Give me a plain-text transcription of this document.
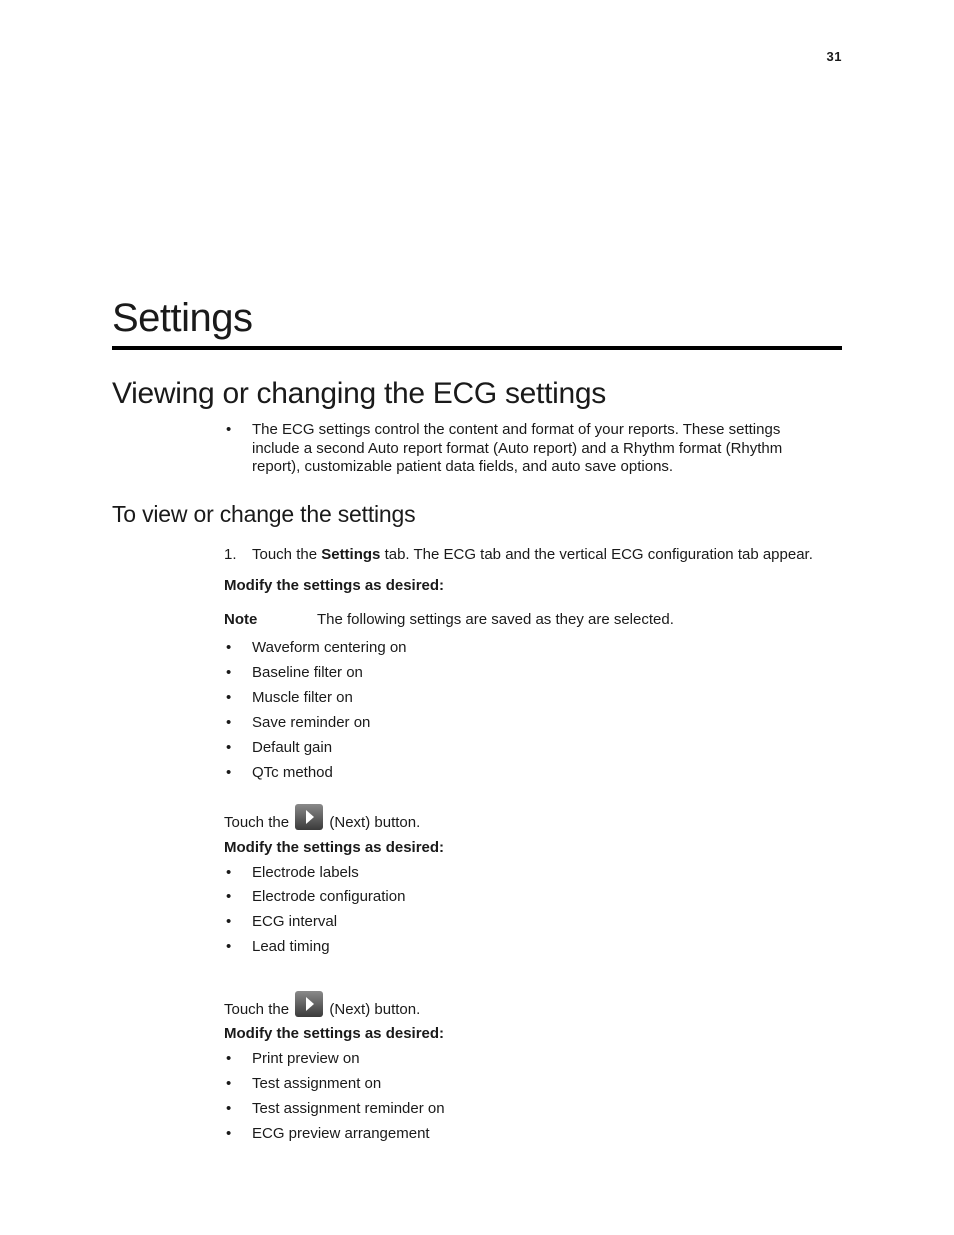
31
Settings
Viewing or changing the ECG settings
• The ECG settings control the content and format of your reports. These settings include a second Auto report format (Auto report) and a Rhythm format (Rhythm report), customizable patient data fields, and auto save options.
To view or change the settings
1. Touch the Settings tab. The ECG tab and the vertical ECG configuration tab appear.
Modify the settings as desired:
Note	The following settings are saved as they are selected.
• Waveform centering on
• Baseline filter on
• Muscle filter on
• Save reminder on
• Default gain
• QTc method
Touch the	(Next) button.
Modify the settings as desired:
• Electrode labels
• Electrode configuration
• ECG interval
• Lead timing
Touch the	(Next) button.
Modify the settings as desired:
• Print preview on
• Test assignment on
• Test assignment reminder on
• ECG preview arrangement
